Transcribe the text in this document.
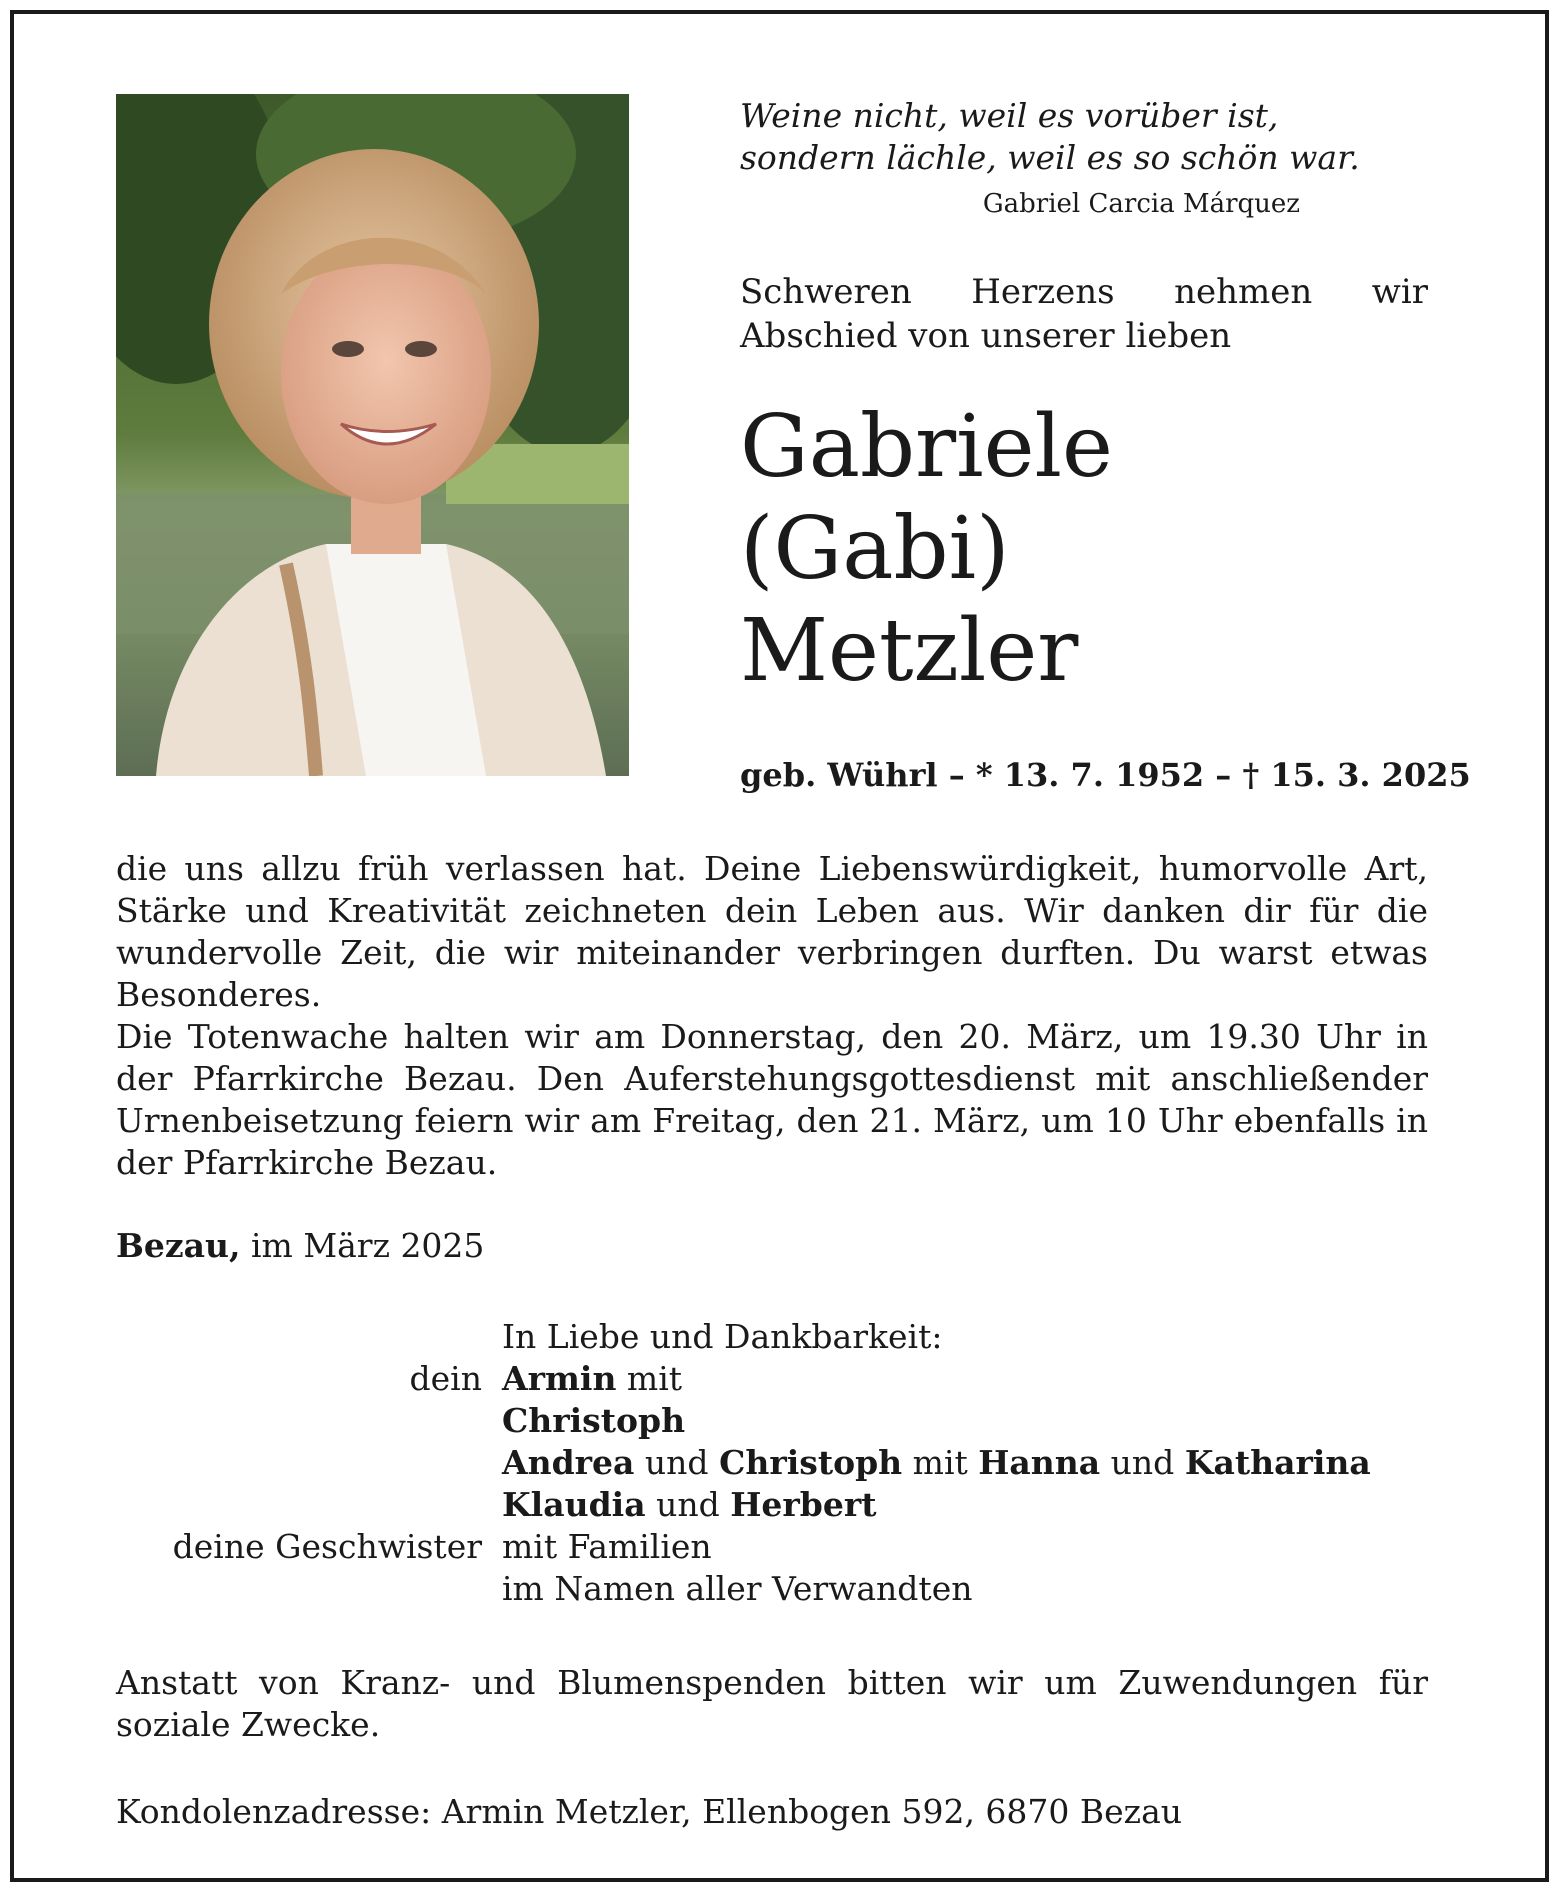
Weine nicht, weil es vorüber ist,
sondern lächle, weil es so schön war.
Gabriel Carcia Márquez
Schweren Herzens nehmen wir
Abschied von unserer lieben
Gabriele
(Gabi)
Metzler
geb. Wührl – * 13. 7. 1952 – † 15. 3. 2025

die uns allzu früh verlassen hat. Deine Liebenswürdigkeit, humorvolle Art, Stärke und Kreativität zeichneten dein Leben aus. Wir danken dir für die wundervolle Zeit, die wir miteinander verbringen durften. Du warst etwas Besonderes.

Die Totenwache halten wir am Donnerstag, den 20. März, um 19.30 Uhr in der Pfarrkirche Bezau. Den Auferstehungsgottesdienst mit anschließender Urnenbeisetzung feiern wir am Freitag, den 21. März, um 10 Uhr ebenfalls in der Pfarrkirche Bezau.

Bezau, im März 2025
In Liebe und Dankbarkeit:
dein Armin mit
Christoph
Andrea und Christoph mit Hanna und Katharina
Klaudia und Herbert
deine Geschwister mit Familien
im Namen aller Verwandten
Anstatt von Kranz- und Blumenspenden bitten wir um Zuwendungen für
soziale Zwecke.
Kondolenzadresse: Armin Metzler, Ellenbogen 592, 6870 Bezau
